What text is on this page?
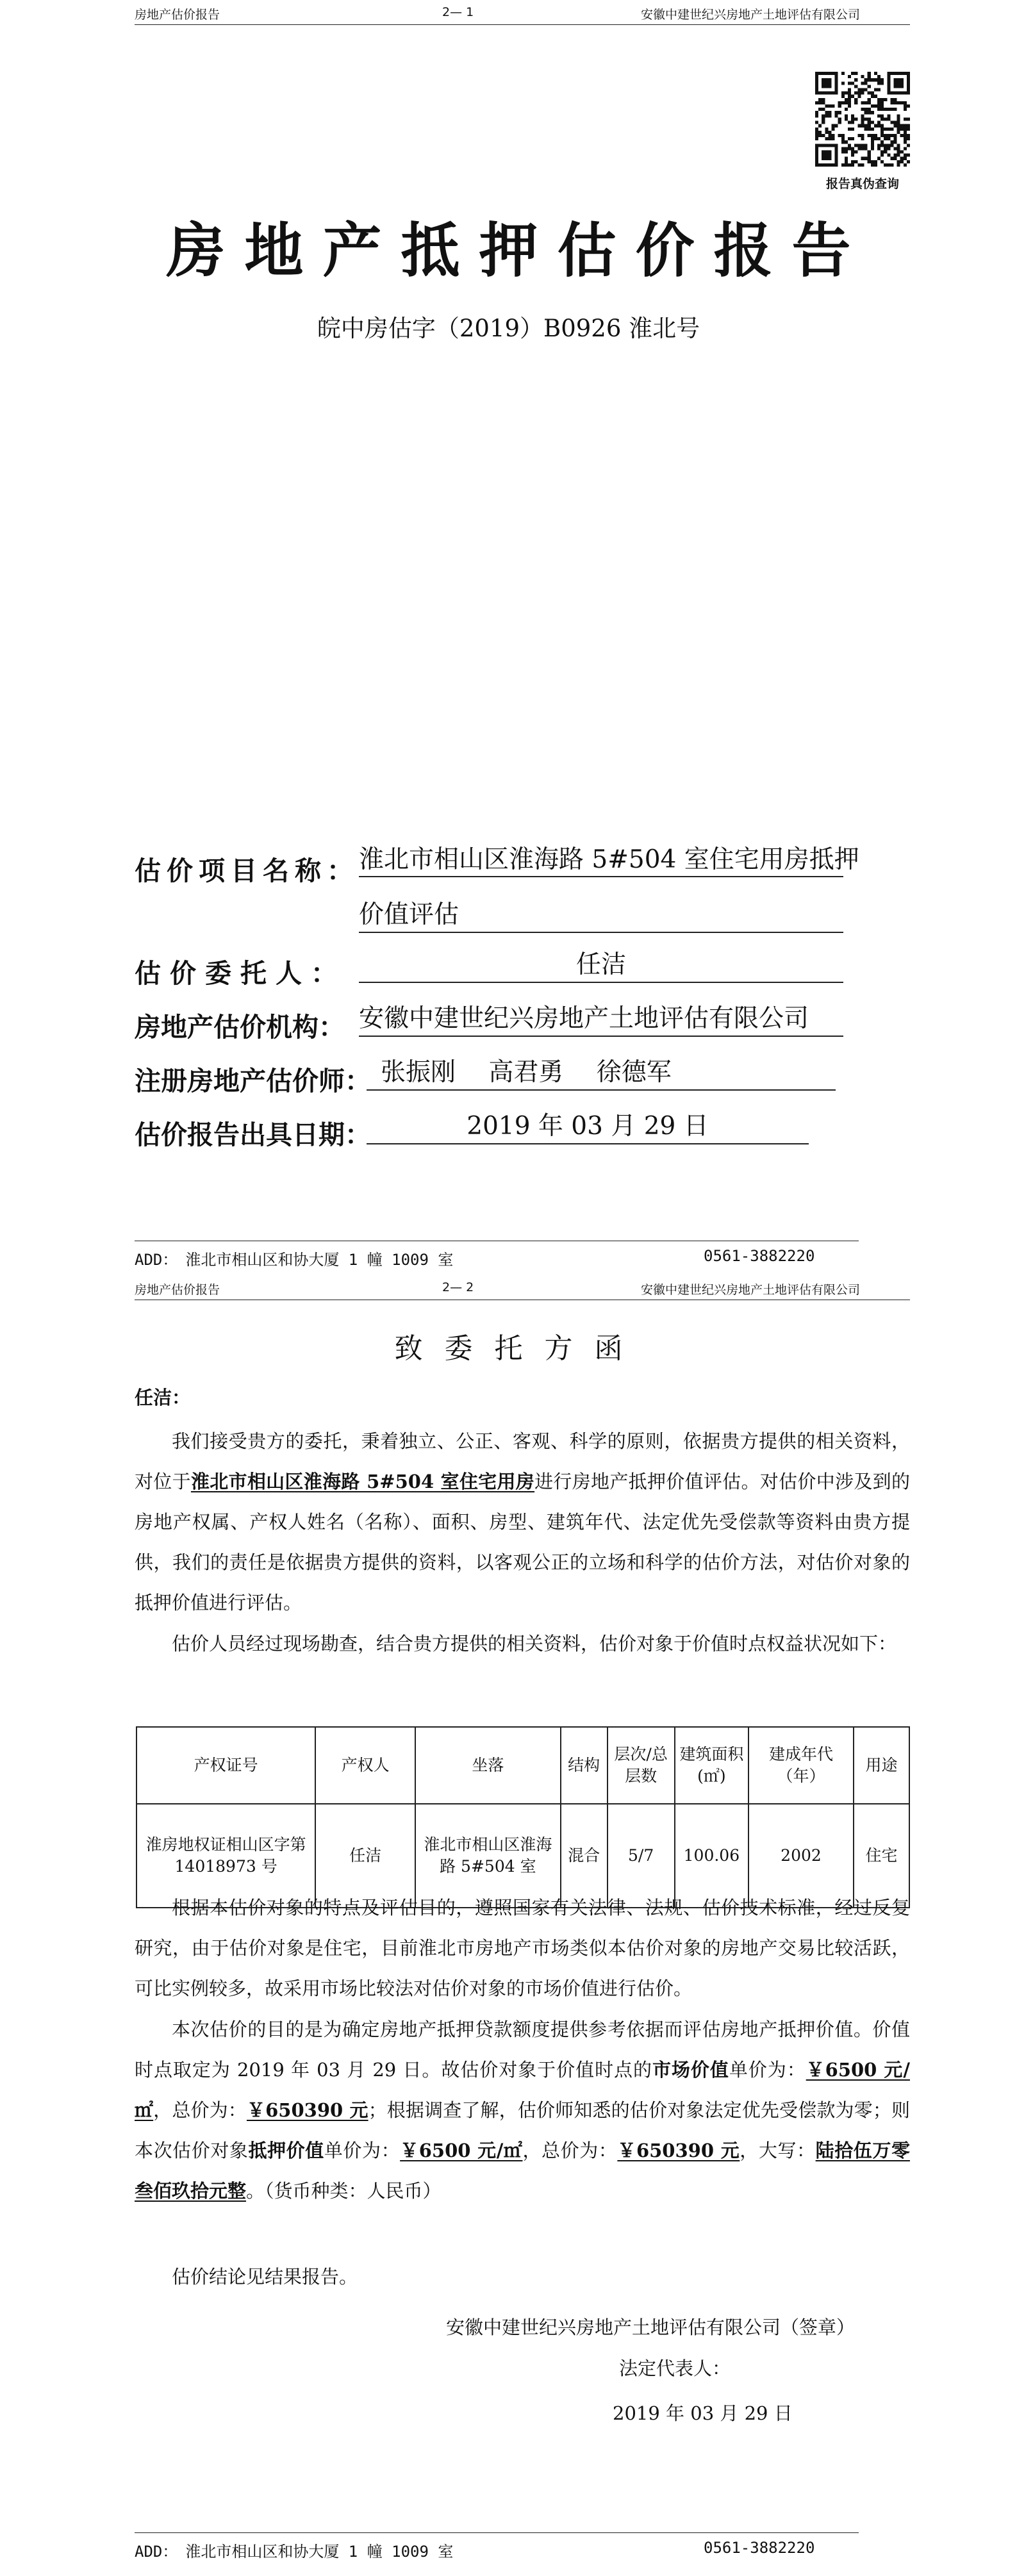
房地产估价报告	2— 1	安徽中建世纪兴房地产土地评估有限公司
报告真伪查询
房地产抵押估价报告
皖中房估字（2019）B0926 淮北号
估价项目名称： 淮北市相山区淮海路 5#504 室住宅用房抵押
价值评估
估价委托人：	任洁
房地产估价机构： 安徽中建世纪兴房地产土地评估有限公司
注册房地产估价师： 张振刚　 高君勇　 徐德军
估价报告出具日期：	2019 年 03 月 29 日
ADD：　淮北市相山区和协大厦 1 幢 1009 室	0561-3882220
房地产估价报告	2— 2	安徽中建世纪兴房地产土地评估有限公司
致委托方函
任洁：
我们接受贵方的委托，秉着独立、公正、客观、科学的原则，依据贵方提供的相关资料，对位于淮北市相山区淮海路 5#504 室住宅用房进行房地产抵押价值评估。对估价中涉及到的房地产权属、产权人姓名（名称）、面积、房型、建筑年代、法定优先受偿款等资料由贵方提供，我们的责任是依据贵方提供的资料，以客观公正的立场和科学的估价方法，对估价对象的抵押价值进行评估。
估价人员经过现场勘查，结合贵方提供的相关资料，估价对象于价值时点权益状况如下：
产权证号	产权人	坐落	结构	层次/总层数	建筑面积(㎡)	建成年代（年）	用途
淮房地权证相山区字第 14018973 号	任洁	淮北市相山区淮海路 5#504 室	混合	5/7	100.06	2002	住宅
根据本估价对象的特点及评估目的，遵照国家有关法律、法规、估价技术标准，经过反复研究，由于估价对象是住宅，目前淮北市房地产市场类似本估价对象的房地产交易比较活跃，可比实例较多，故采用市场比较法对估价对象的市场价值进行估价。
本次估价的目的是为确定房地产抵押贷款额度提供参考依据而评估房地产抵押价值。价值时点取定为 2019 年 03 月 29 日。故估价对象于价值时点的市场价值单价为：￥6500 元/㎡，总价为：￥650390 元；根据调查了解，估价师知悉的估价对象法定优先受偿款为零；则本次估价对象抵押价值单价为：￥6500 元/㎡，总价为：￥650390 元，大写：陆拾伍万零叁佰玖拾元整。（货币种类：人民币）
估价结论见结果报告。
安徽中建世纪兴房地产土地评估有限公司（签章）
法定代表人：
2019 年 03 月 29 日
ADD：　淮北市相山区和协大厦 1 幢 1009 室	0561-3882220
